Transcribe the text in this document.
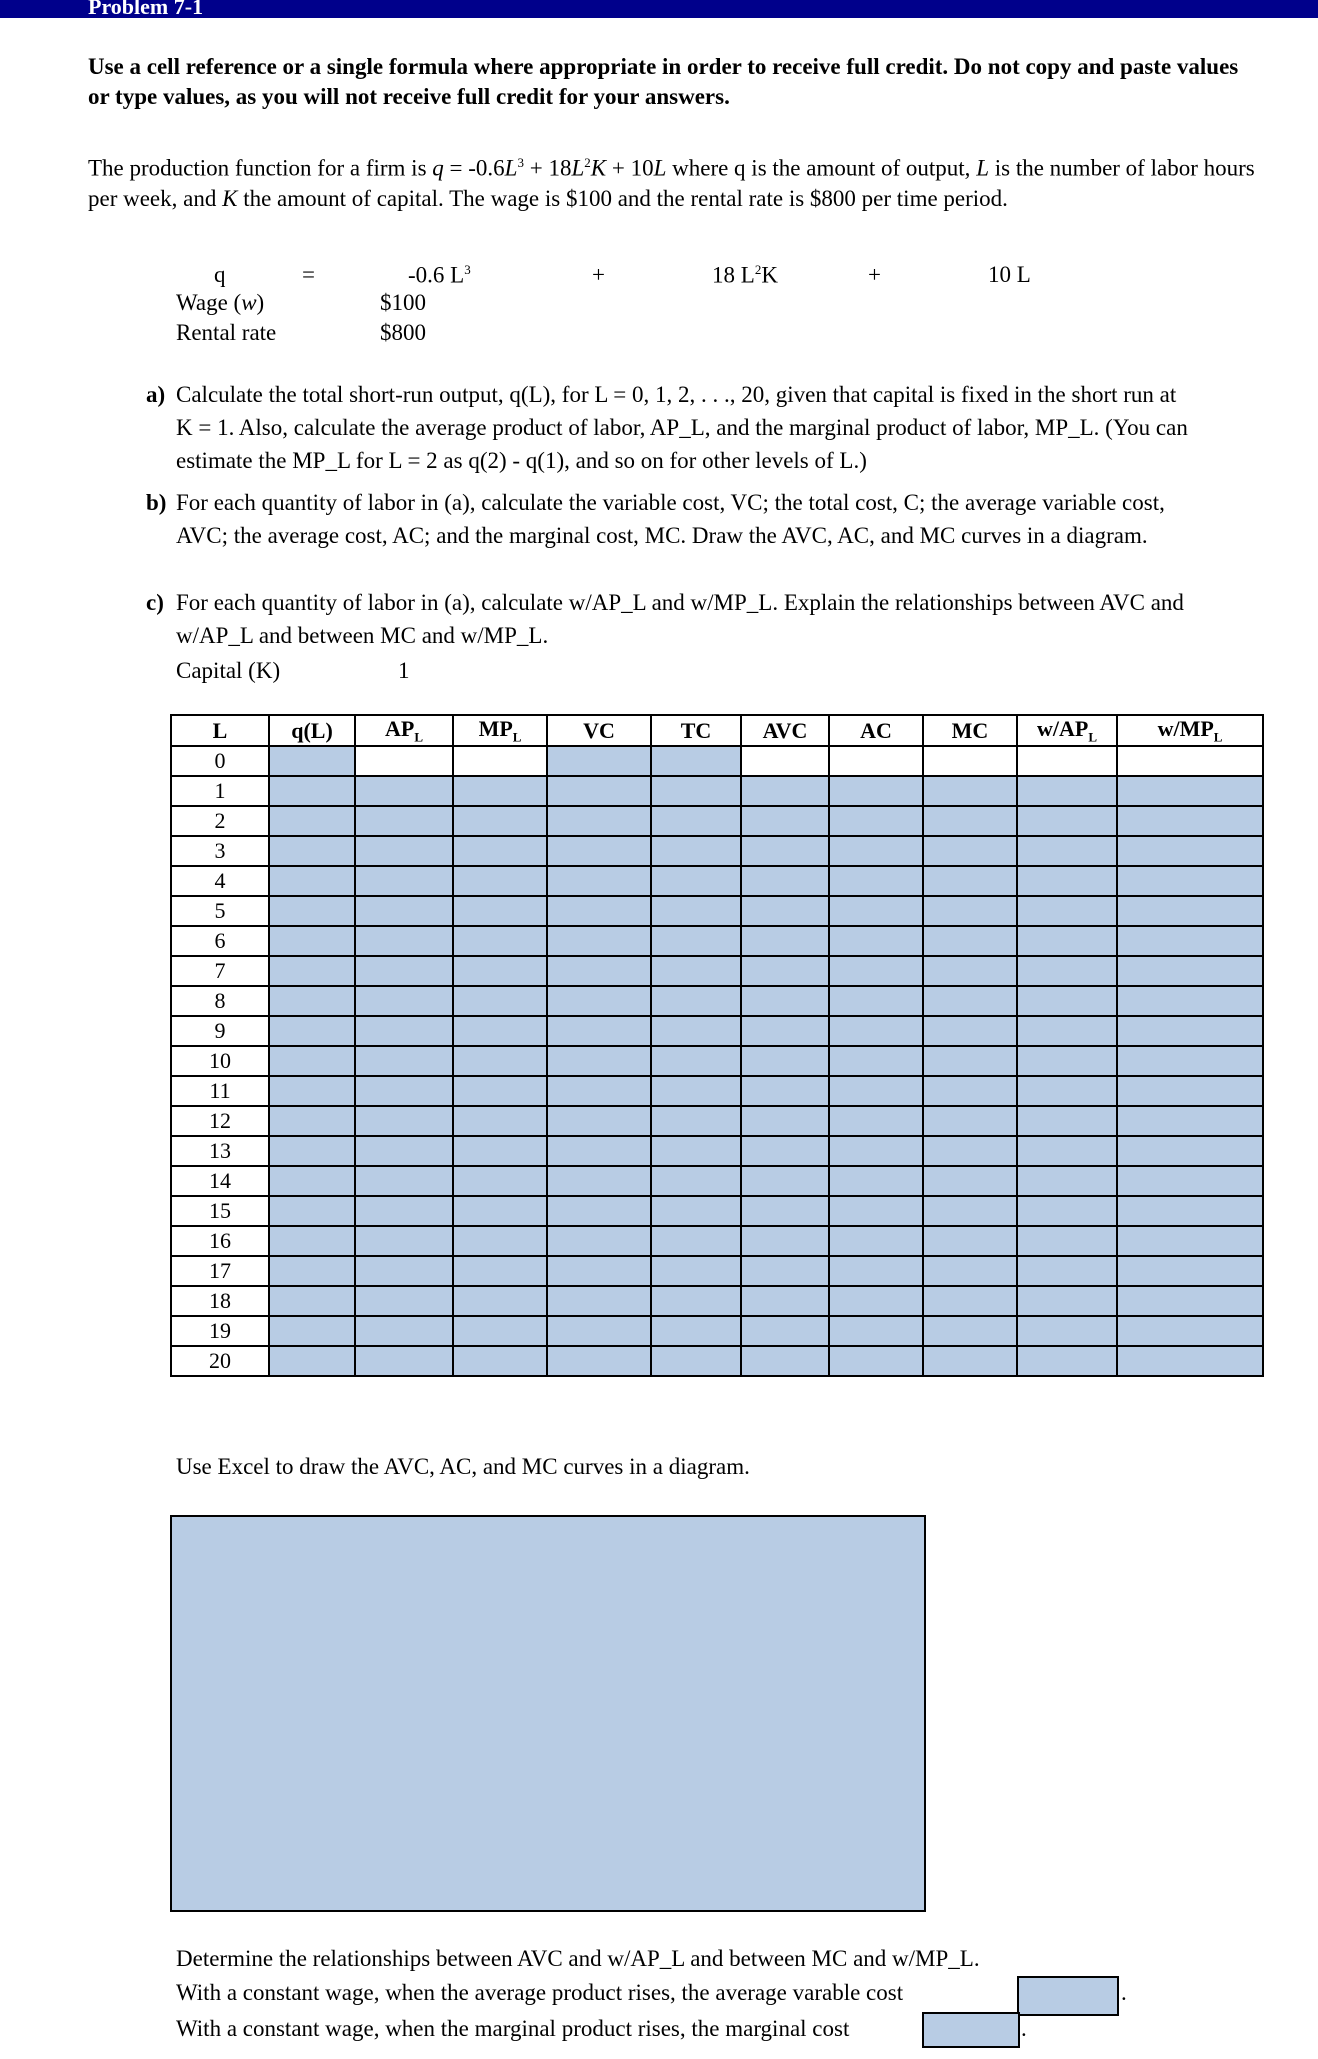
Problem 7-1
Use a cell reference or a single formula where appropriate in order to receive full credit. Do not copy and paste values or type values, as you will not receive full credit for your answers.
The production function for a firm is $q = -0.6L^3 + 18L^2K + 10L$ where q is the amount of output, L is the number of labor hours per week, and K the amount of capital. The wage is $100 and the rental rate is $800 per time period.
q	=	-0.6 $L^3$	+	18 $L^2K$	+	10 L
Wage (w)	$100
Rental rate	$800
a) Calculate the total short-run output, q(L), for L = 0, 1, 2, . . ., 20, given that capital is fixed in the short run at
K = 1. Also, calculate the average product of labor, AP_L, and the marginal product of labor, MP_L. (You can
estimate the MP_L for L = 2 as q(2) - q(1), and so on for other levels of L.)
b) For each quantity of labor in (a), calculate the variable cost, VC; the total cost, C; the average variable cost,
AVC; the average cost, AC; and the marginal cost, MC. Draw the AVC, AC, and MC curves in a diagram.
c) For each quantity of labor in (a), calculate w/AP_L and w/MP_L. Explain the relationships between AVC and
w/AP_L and between MC and w/MP_L.
Capital (K)	1
L	q(L)	$AP_L$	$MP_L$	VC	TC	AVC	AC	MC	$w/AP_L$	$w/MP_L$
0										
1										
2										
3										
4										
5										
6										
7										
8										
9										
10										
11										
12										
13										
14										
15										
16										
17										
18										
19										
20										
Use Excel to draw the AVC, AC, and MC curves in a diagram.
Determine the relationships between AVC and w/AP_L and between MC and w/MP_L.
With a constant wage, when the average product rises, the average varable cost	.
With a constant wage, when the marginal product rises, the marginal cost	.
